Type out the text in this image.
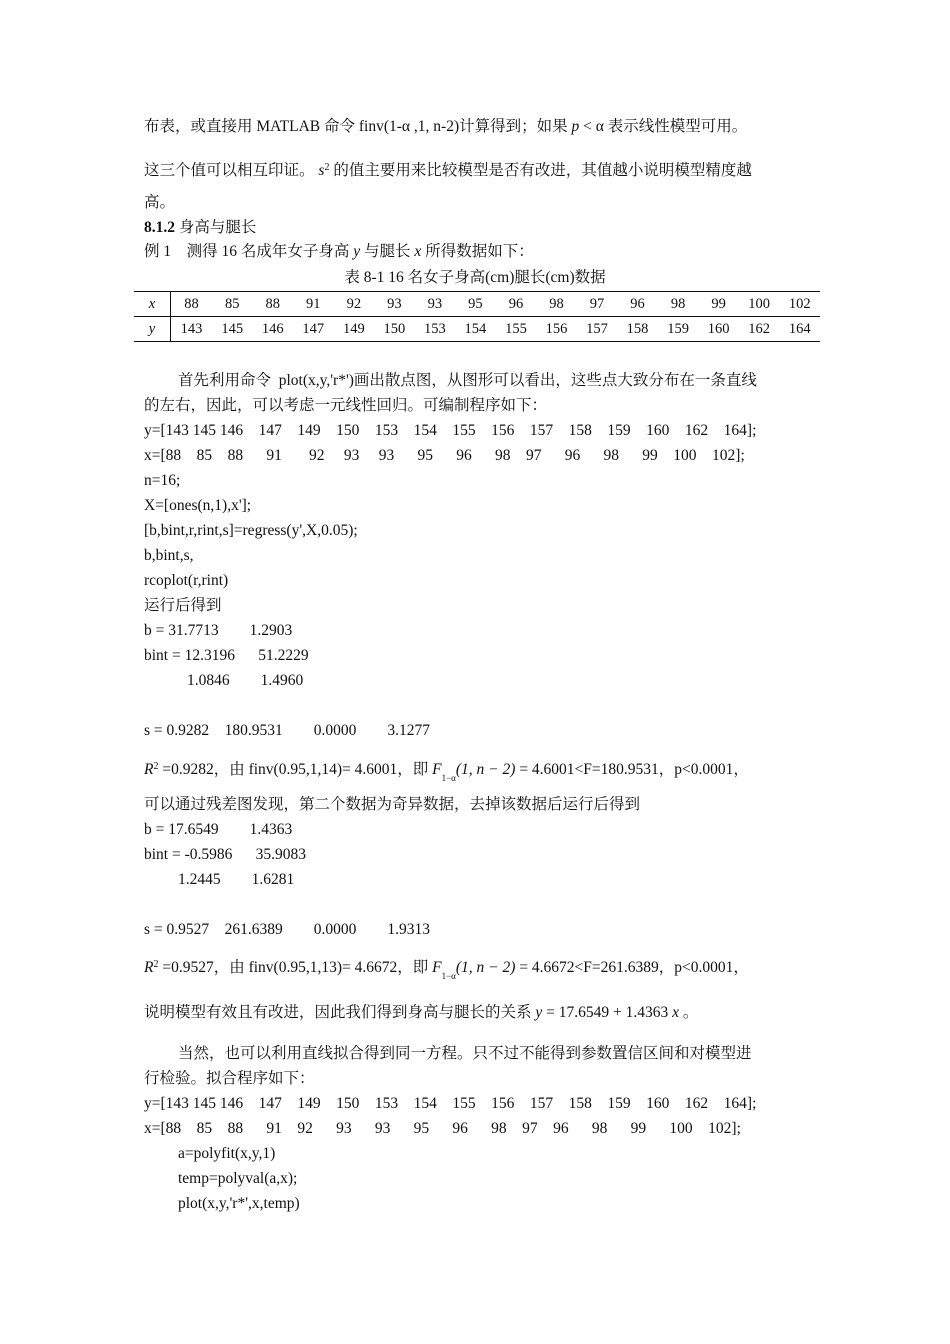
布表，或直接用 MATLAB 命令 finv(1-α ,1, n-2)计算得到；如果 p < α 表示线性模型可用。
这三个值可以相互印证。 $s^2$ 的值主要用来比较模型是否有改进，其值越小说明模型精度越
高。
8.1.2 身高与腿长
例 1    测得 16 名成年女子身高 y 与腿长 x 所得数据如下：
表 8-1 16 名女子身高(cm)腿长(cm)数据
x	88	85	88	91	92	93	93	95	96	98	97	96	98	99	100	102
y	143	145	146	147	149	150	153	154	155	156	157	158	159	160	162	164
首先利用命令  plot(x,y,'r*')画出散点图，从图形可以看出，这些点大致分布在一条直线
的左右，因此，可以考虑一元线性回归。可编制程序如下：
y=[143 145 146    147    149    150    153    154    155    156    157    158    159    160    162    164];
x=[88    85    88      91       92     93     93      95      96      98    97      96      98      99    100    102];
n=16;
X=[ones(n,1),x'];
[b,bint,r,rint,s]=regress(y',X,0.05);
b,bint,s,
rcoplot(r,rint)
运行后得到
b = 31.7713        1.2903
bint = 12.3196      51.2229
1.0846        1.4960
s = 0.9282    180.9531        0.0000        3.1277
$R^2 =0.9282$，由 finv(0.95,1,14)= 4.6001，即 $F_{1-\alpha}(1$, n − 2) = 4.6001<F=180.9531，p<0.0001，
可以通过残差图发现，第二个数据为奇异数据，去掉该数据后运行后得到
b = 17.6549        1.4363
bint = -0.5986      35.9083
1.2445        1.6281
s = 0.9527    261.6389        0.0000        1.9313
$R^2 =0.9527$，由 finv(0.95,1,13)= 4.6672，即 $F_{1-\alpha}(1$, n − 2) = 4.6672<F=261.6389，p<0.0001，
说明模型有效且有改进，因此我们得到身高与腿长的关系 y = 17.6549 + 1.4363 x 。
当然，也可以利用直线拟合得到同一方程。只不过不能得到参数置信区间和对模型进
行检验。拟合程序如下：
y=[143 145 146    147    149    150    153    154    155    156    157    158    159    160    162    164];
x=[88    85    88      91    92      93      93      95      96      98    97    96      98      99      100    102];
a=polyfit(x,y,1)
temp=polyval(a,x);
plot(x,y,'r*',x,temp)
